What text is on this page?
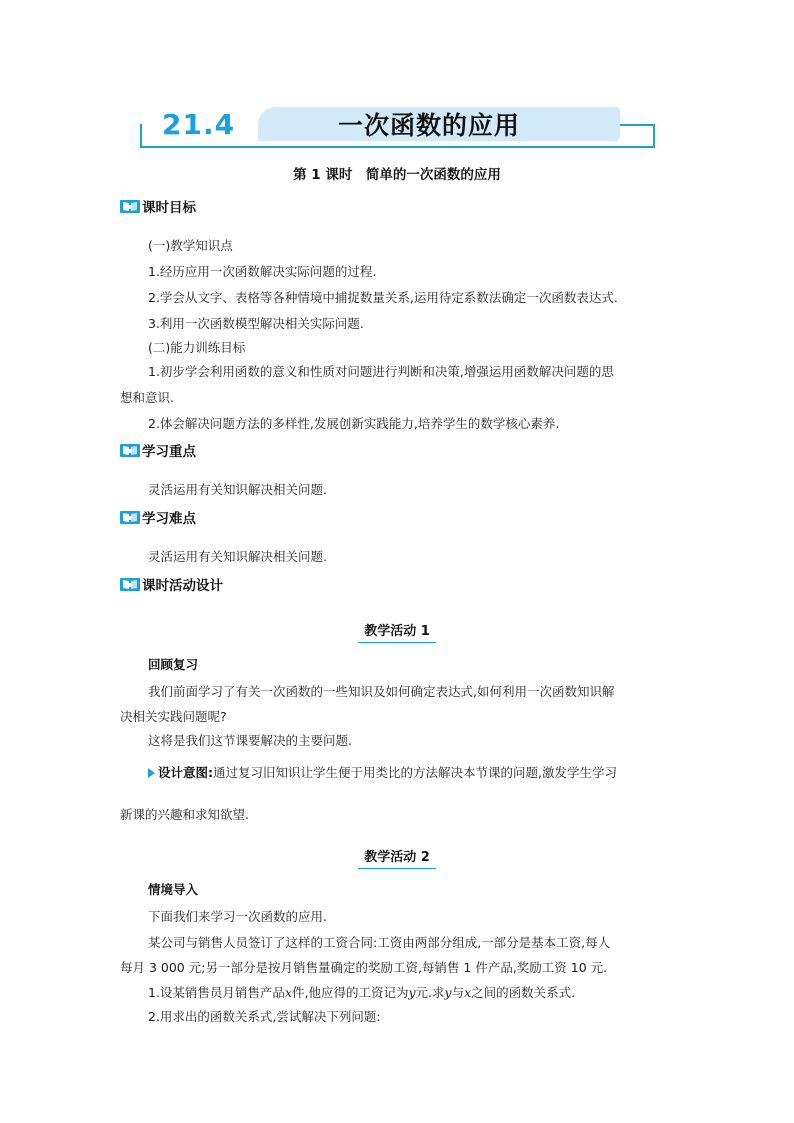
21.4	一次函数的应用
第 1 课时　简单的一次函数的应用
课时目标
(一)教学知识点
1.经历应用一次函数解决实际问题的过程.
2.学会从文字、表格等各种情境中捕捉数量关系,运用待定系数法确定一次函数表达式.
3.利用一次函数模型解决相关实际问题.
(二)能力训练目标
1.初步学会利用函数的意义和性质对问题进行判断和决策,增强运用函数解决问题的思
想和意识.
2.体会解决问题方法的多样性,发展创新实践能力,培养学生的数学核心素养.
学习重点
灵活运用有关知识解决相关问题.
学习难点
灵活运用有关知识解决相关问题.
课时活动设计
教学活动 1
回顾复习
我们前面学习了有关一次函数的一些知识及如何确定表达式,如何利用一次函数知识解
决相关实践问题呢?
这将是我们这节课要解决的主要问题.
设计意图:通过复习旧知识让学生便于用类比的方法解决本节课的问题,激发学生学习
新课的兴趣和求知欲望.
教学活动 2
情境导入
下面我们来学习一次函数的应用.
某公司与销售人员签订了这样的工资合同:工资由两部分组成,一部分是基本工资,每人
每月 3 000 元;另一部分是按月销售量确定的奖励工资,每销售 1 件产品,奖励工资 10 元.
1.设某销售员月销售产品x件,他应得的工资记为y元.求y与x之间的函数关系式.
2.用求出的函数关系式,尝试解决下列问题:
